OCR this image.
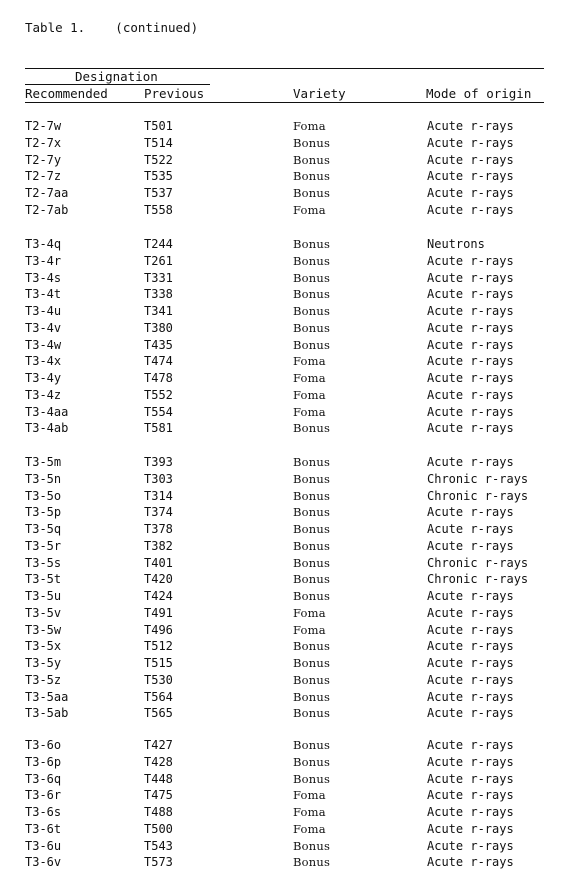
Table 1.    (continued)
Designation
Recommended	Previous	Variety	Mode of origin
T2-7w	T501	Foma	Acute r-rays
T2-7x	T514	Bonus	Acute r-rays
T2-7y	T522	Bonus	Acute r-rays
T2-7z	T535	Bonus	Acute r-rays
T2-7aa	T537	Bonus	Acute r-rays
T2-7ab	T558	Foma	Acute r-rays
T3-4q	T244	Bonus	Neutrons
T3-4r	T261	Bonus	Acute r-rays
T3-4s	T331	Bonus	Acute r-rays
T3-4t	T338	Bonus	Acute r-rays
T3-4u	T341	Bonus	Acute r-rays
T3-4v	T380	Bonus	Acute r-rays
T3-4w	T435	Bonus	Acute r-rays
T3-4x	T474	Foma	Acute r-rays
T3-4y	T478	Foma	Acute r-rays
T3-4z	T552	Foma	Acute r-rays
T3-4aa	T554	Foma	Acute r-rays
T3-4ab	T581	Bonus	Acute r-rays
T3-5m	T393	Bonus	Acute r-rays
T3-5n	T303	Bonus	Chronic r-rays
T3-5o	T314	Bonus	Chronic r-rays
T3-5p	T374	Bonus	Acute r-rays
T3-5q	T378	Bonus	Acute r-rays
T3-5r	T382	Bonus	Acute r-rays
T3-5s	T401	Bonus	Chronic r-rays
T3-5t	T420	Bonus	Chronic r-rays
T3-5u	T424	Bonus	Acute r-rays
T3-5v	T491	Foma	Acute r-rays
T3-5w	T496	Foma	Acute r-rays
T3-5x	T512	Bonus	Acute r-rays
T3-5y	T515	Bonus	Acute r-rays
T3-5z	T530	Bonus	Acute r-rays
T3-5aa	T564	Bonus	Acute r-rays
T3-5ab	T565	Bonus	Acute r-rays
T3-6o	T427	Bonus	Acute r-rays
T3-6p	T428	Bonus	Acute r-rays
T3-6q	T448	Bonus	Acute r-rays
T3-6r	T475	Foma	Acute r-rays
T3-6s	T488	Foma	Acute r-rays
T3-6t	T500	Foma	Acute r-rays
T3-6u	T543	Bonus	Acute r-rays
T3-6v	T573	Bonus	Acute r-rays
